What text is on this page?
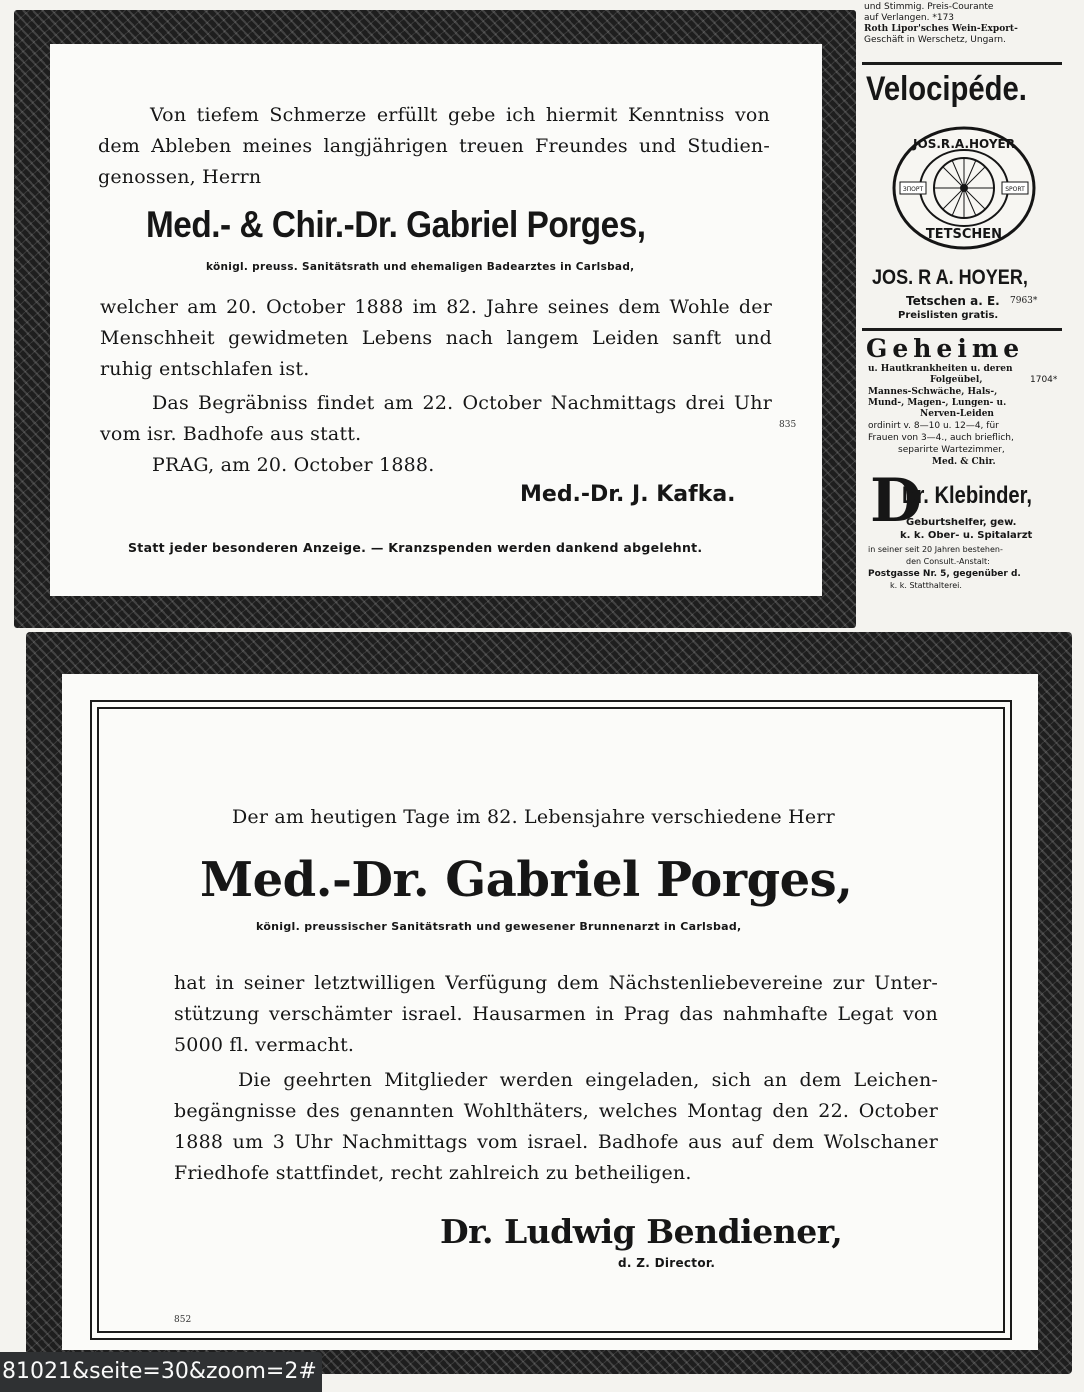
Von tiefem Schmerze erfüllt gebe ich hiermit Kenntniss von dem Ableben meines langjährigen treuen Freundes und Studien-genossen, Herrn
Med.- & Chir.-Dr. Gabriel Porges,
königl. preuss. Sanitätsrath und ehemaligen Badearztes in Carlsbad,

welcher am 20. October 1888 im 82. Jahre seines dem Wohle der Menschheit gewidmeten Lebens nach langem Leiden sanft und ruhig entschlafen ist.

Das Begräbniss findet am 22. October Nachmittags drei Uhr vom isr. Badhofe aus statt.

PRAG, am 20. October 1888.

835
Med.-Dr. J. Kafka.
Statt jeder besonderen Anzeige. — Kranzspenden werden dankend abgelehnt.
Der am heutigen Tage im 82. Lebensjahre verschiedene Herr
Med.-Dr. Gabriel Porges,
königl. preussischer Sanitätsrath und gewesener Brunnenarzt in Carlsbad,

hat in seiner letztwilligen Verfügung dem Nächstenliebevereine zur Unter-stützung verschämter israel. Hausarmen in Prag das nahmhafte Legat von 5000 fl. vermacht.

Die geehrten Mitglieder werden eingeladen, sich an dem Leichen-begängnisse des genannten Wohlthäters, welches Montag den 22. October 1888 um 3 Uhr Nachmittags vom israel. Badhofe aus auf dem Wolschaner Friedhofe stattfindet, recht zahlreich zu betheiligen.

Dr. Ludwig Bendiener,
d. Z. Director.
852
und Stimmig. Preis-Courante
auf Verlangen. *173
Roth Lipor'sches Wein-Export-
Geschäft in Werschetz, Ungarn.
Velocipéde.
JOS.R.A.HOYER
TETSCHEN
ЗПОРТ	SPORT
JOS. R A. HOYER,
Tetschen a. E. 7963*
Preislisten gratis.
Geheime
u. Hautkrankheiten u. deren
Folgeübel,	1704*
Mannes-Schwäche, Hals-,
Mund-, Magen-, Lungen- u.
Nerven-Leiden
ordinirt v. 8—10 u. 12—4, für
Frauen von 3—4., auch brieflich,
separirte Wartezimmer,
Med. & Chir.
D
Dr. Klebinder,
Geburtshelfer, gew.
k. k. Ober- u. Spitalarzt
in seiner seit 20 Jahren bestehen-
den Consult.-Anstalt:
Postgasse Nr. 5, gegenüber d.
k. k. Statthalterei.
81021&seite=30&zoom=2#
